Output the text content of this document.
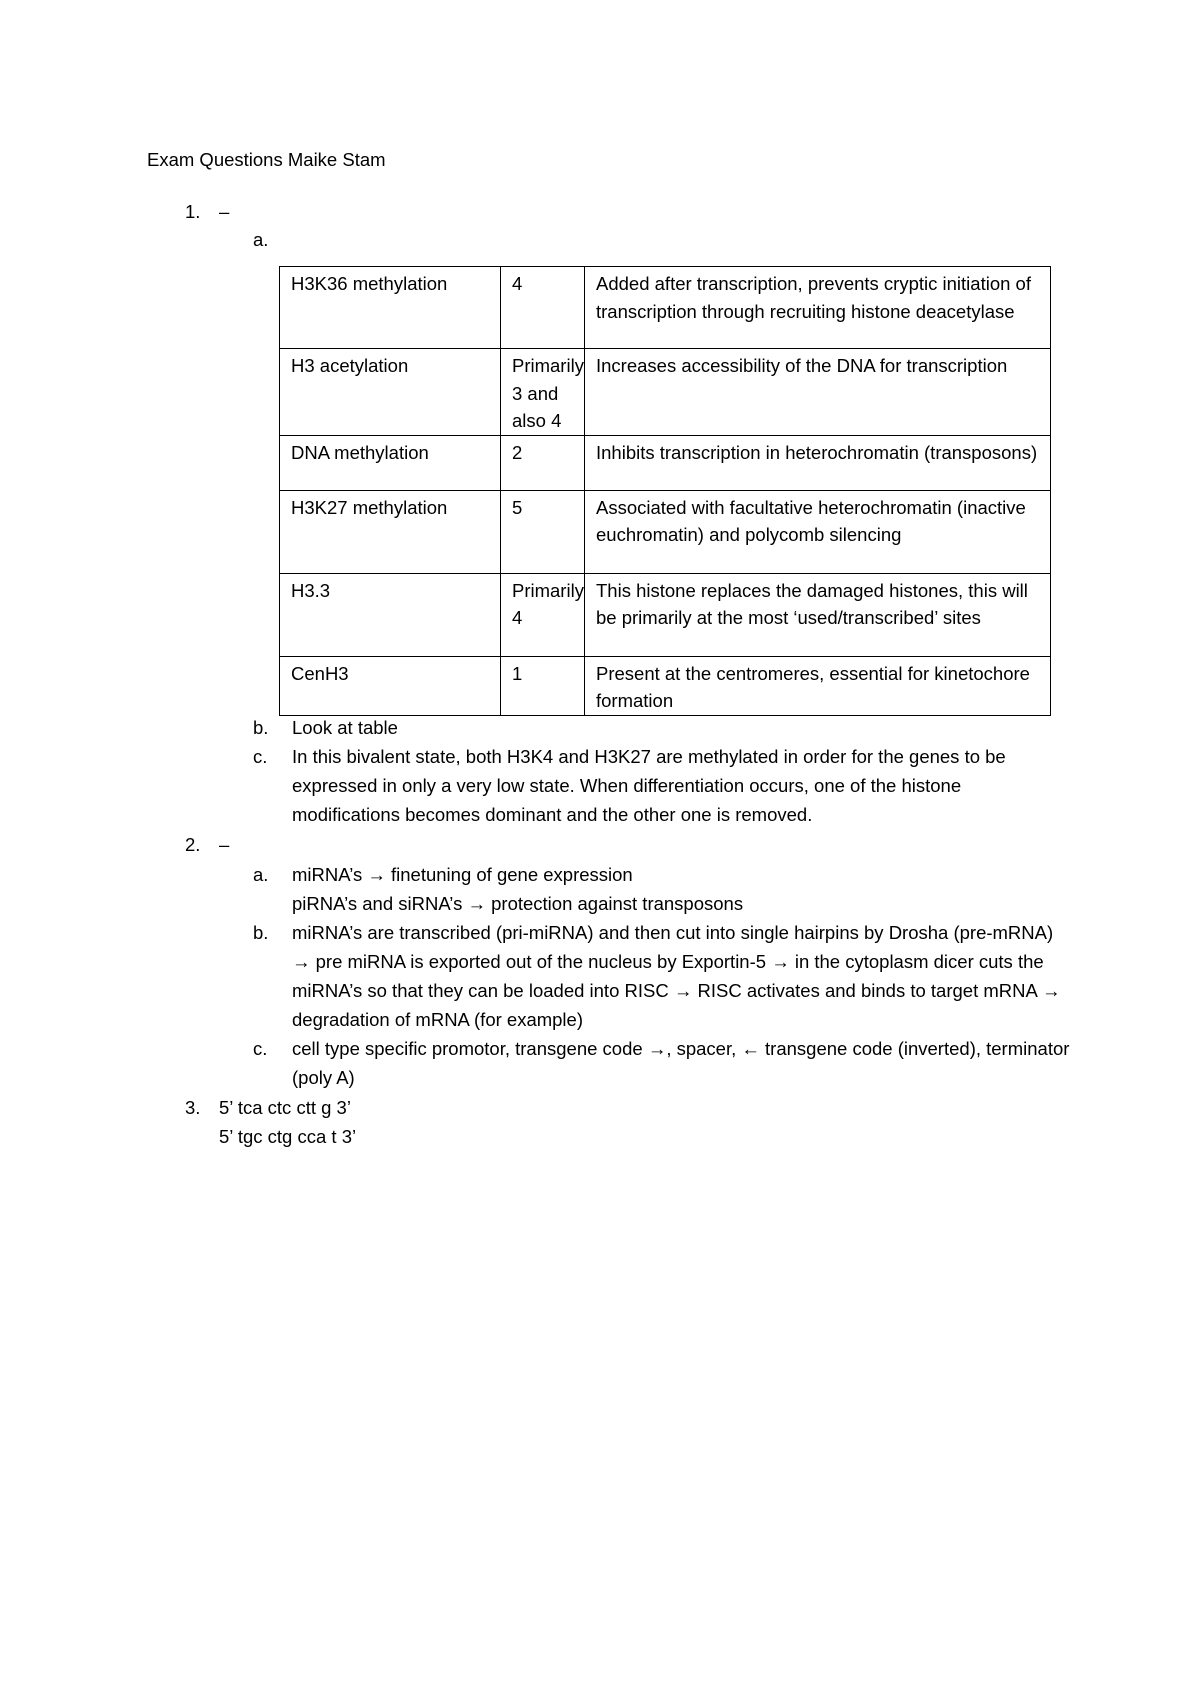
Exam Questions Maike Stam
1. –
a.
H3K36 methylation	4	Added after transcription, prevents cryptic initiation of transcription through recruiting histone deacetylase
H3 acetylation	Primarily 3 and also 4	Increases accessibility of the DNA for transcription
DNA methylation	2	Inhibits transcription in heterochromatin (transposons)
H3K27 methylation	5	Associated with facultative heterochromatin (inactive euchromatin) and polycomb silencing
H3.3	Primarily 4	This histone replaces the damaged histones, this will be primarily at the most ‘used/transcribed’ sites
CenH3	1	Present at the centromeres, essential for kinetochore formation
b. Look at table
c. In this bivalent state, both H3K4 and H3K27 are methylated in order for the genes to be expressed in only a very low state. When differentiation occurs, one of the histone modifications becomes dominant and the other one is removed.
2. –
a. miRNA’s → finetuning of gene expression
piRNA’s and siRNA’s → protection against transposons
b. miRNA’s are transcribed (pri-miRNA) and then cut into single hairpins by Drosha (pre-mRNA) → pre miRNA is exported out of the nucleus by Exportin-5 → in the cytoplasm dicer cuts the miRNA’s so that they can be loaded into RISC → RISC activates and binds to target mRNA → degradation of mRNA (for example)
c. cell type specific promotor, transgene code →, spacer, ← transgene code (inverted), terminator (poly A)
3. 5’ tca ctc ctt g 3’
5’ tgc ctg cca t 3’
